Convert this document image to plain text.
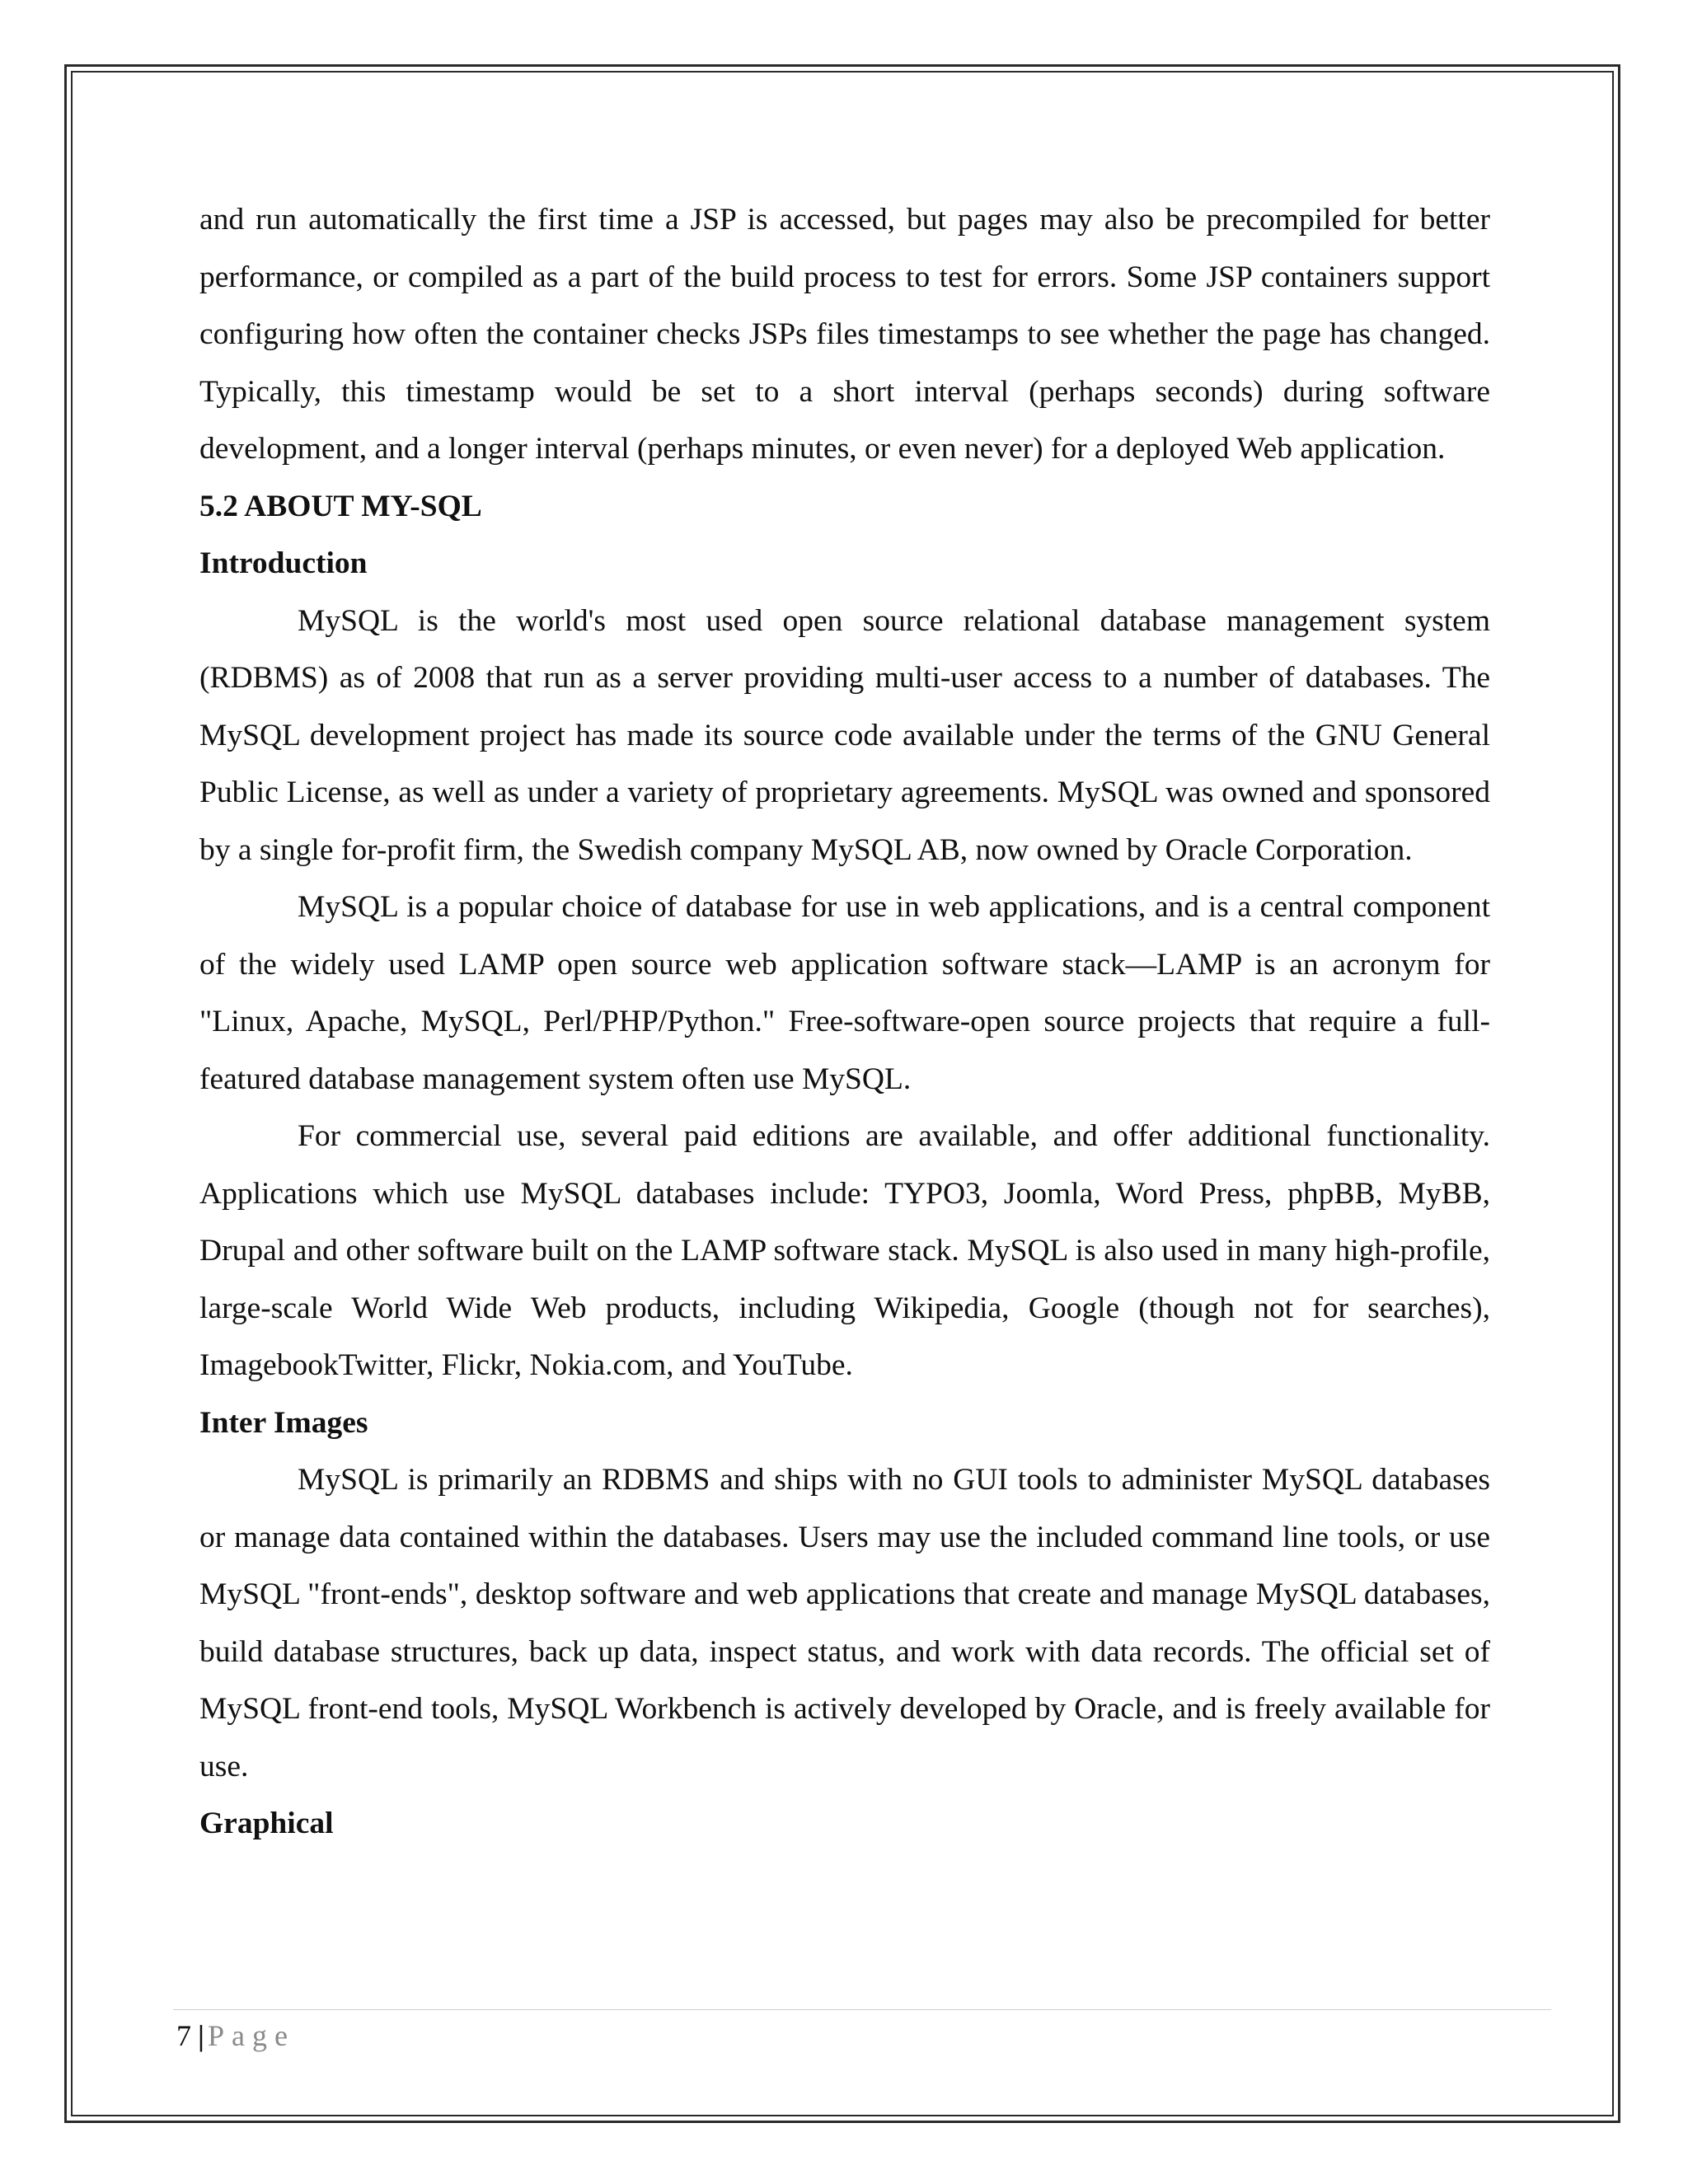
and run automatically the first time a JSP is accessed, but pages may also be precompiled for better performance, or compiled as a part of the build process to test for errors. Some JSP containers support configuring how often the container checks JSPs files timestamps to see whether the page has changed. Typically, this timestamp would be set to a short interval (perhaps seconds) during software development, and a longer interval (perhaps minutes, or even never) for a deployed Web application.

5.2 ABOUT MY-SQL

Introduction

MySQL is the world's most used open source relational database management system (RDBMS) as of 2008 that run as a server providing multi-user access to a number of databases. The MySQL development project has made its source code available under the terms of the GNU General Public License, as well as under a variety of proprietary agreements. MySQL was owned and sponsored by a single for-profit firm, the Swedish company MySQL AB, now owned by Oracle Corporation.

MySQL is a popular choice of database for use in web applications, and is a central component of the widely used LAMP open source web application software stack—LAMP is an acronym for "Linux, Apache, MySQL, Perl/PHP/Python." Free-software-open source projects that require a full-featured database management system often use MySQL.

For commercial use, several paid editions are available, and offer additional functionality. Applications which use MySQL databases include: TYPO3, Joomla, Word Press, phpBB, MyBB, Drupal and other software built on the LAMP software stack. MySQL is also used in many high-profile, large-scale World Wide Web products, including Wikipedia, Google (though not for searches), ImagebookTwitter, Flickr, Nokia.com, and YouTube.

Inter Images

MySQL is primarily an RDBMS and ships with no GUI tools to administer MySQL databases or manage data contained within the databases. Users may use the included command line tools, or use MySQL "front-ends", desktop software and web applications that create and manage MySQL databases, build database structures, back up data, inspect status, and work with data records. The official set of MySQL front-end tools, MySQL Workbench is actively developed by Oracle, and is freely available for use.

Graphical

7 | Page
